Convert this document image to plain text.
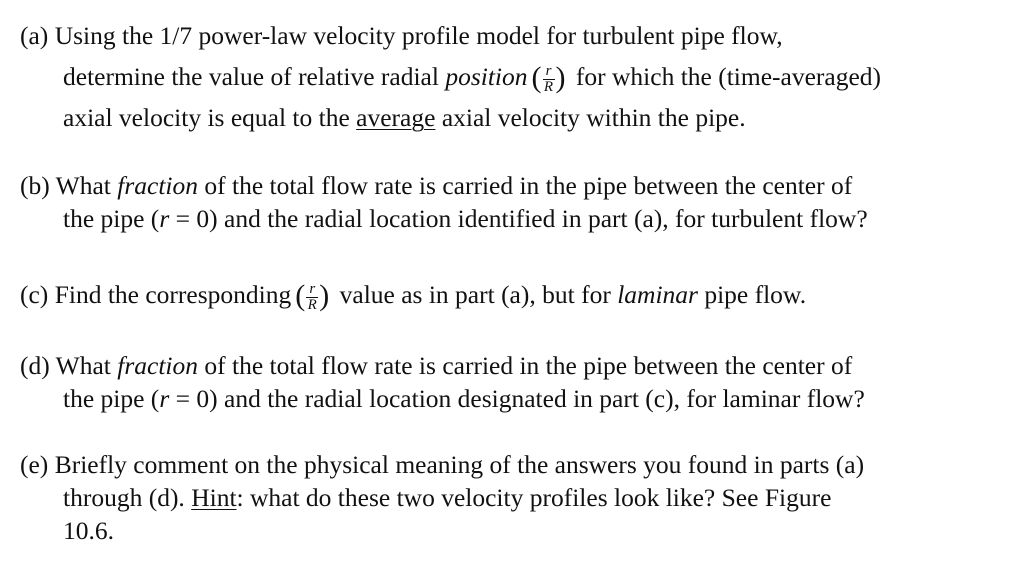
(a) Using the 1/7 power-law velocity profile model for turbulent pipe flow,
determine the value of relative radial position ( r
R ) for which the (time-averaged)
axial velocity is equal to the average axial velocity within the pipe.
(b) What fraction of the total flow rate is carried in the pipe between the center of
the pipe (r = 0) and the radial location identified in part (a), for turbulent flow?
(c) Find the corresponding ( r
R ) value as in part (a), but for laminar pipe flow.
(d) What fraction of the total flow rate is carried in the pipe between the center of
the pipe (r = 0) and the radial location designated in part (c), for laminar flow?
(e) Briefly comment on the physical meaning of the answers you found in parts (a)
through (d). Hint: what do these two velocity profiles look like? See Figure
10.6.
